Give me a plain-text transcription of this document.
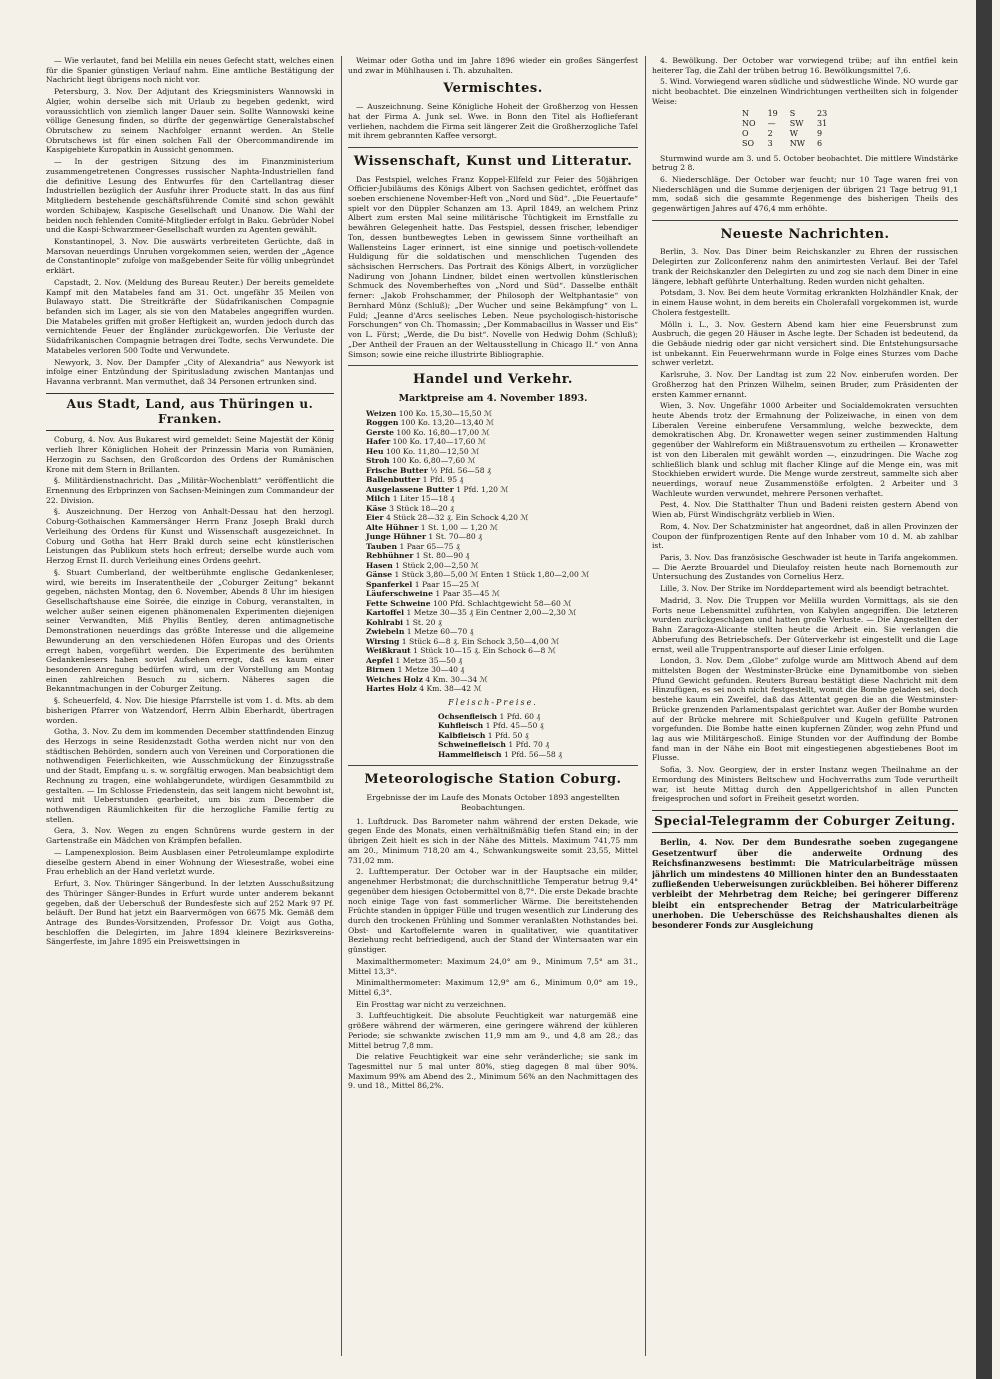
— Wie verlautet, fand bei Melilla ein neues Gefecht statt, welches einen für die Spanier günstigen Verlauf nahm. Eine amtliche Bestätigung der Nachricht liegt übrigens noch nicht vor.

Petersburg, 3. Nov. Der Adjutant des Kriegsministers Wannowski in Algier, wohin derselbe sich mit Urlaub zu begeben gedenkt, wird voraussichtlich von ziemlich langer Dauer sein. Sollte Wannowski keine völlige Genesung finden, so dürfte der gegenwärtige Generalstabschef Obrutschew zu seinem Nachfolger ernannt werden. An Stelle Obrutschews ist für einen solchen Fall der Obercommandirende im Kaspigebiete Kuropatkin in Aussicht genommen.

— In der gestrigen Sitzung des im Finanzministerium zusammengetretenen Congresses russischer Naphta-Industriellen fand die definitive Lesung des Entwurfes für den Cartellantrag dieser Industriellen bezüglich der Ausfuhr ihrer Producte statt. In das aus fünf Mitgliedern bestehende geschäftsführende Comité sind schon gewählt worden Schibajew, Kaspische Gesellschaft und Unanow. Die Wahl der beiden noch fehlenden Comité-Mitglieder erfolgt in Baku. Gebrüder Nobel und die Kaspi-Schwarzmeer-Gesellschaft wurden zu Agenten gewählt.

Konstantinopel, 3. Nov. Die auswärts verbreiteten Gerüchte, daß in Marsovan neuerdings Unruhen vorgekommen seien, werden der „Agence de Constantinople“ zufolge von maßgebender Seite für völlig unbegründet erklärt.

Capstadt, 2. Nov. (Meldung des Bureau Reuter.) Der bereits gemeldete Kampf mit den Matabeles fand am 31. Oct. ungefähr 35 Meilen von Bulawayo statt. Die Streitkräfte der Südafrikanischen Compagnie befanden sich im Lager, als sie von den Matabeles angegriffen wurden. Die Matabeles griffen mit großer Heftigkeit an, wurden jedoch durch das vernichtende Feuer der Engländer zurückgeworfen. Die Verluste der Südafrikanischen Compagnie betragen drei Todte, sechs Verwundete. Die Matabeles verloren 500 Todte und Verwundete.

Newyork, 3. Nov. Der Dampfer „City of Alexandria“ aus Newyork ist infolge einer Entzündung der Spiritusladung zwischen Mantanjas und Havanna verbrannt. Man vermuthet, daß 34 Personen ertrunken sind.

Aus Stadt, Land, aus Thüringen u. Franken.

Coburg, 4. Nov. Aus Bukarest wird gemeldet: Seine Majestät der König verlieh Ihrer Königlichen Hoheit der Prinzessin Maria von Rumänien, Herzogin zu Sachsen, den Großcordon des Ordens der Rumänischen Krone mit dem Stern in Brillanten.

§. Militärdienstnachricht. Das „Militär-Wochenblatt“ veröffentlicht die Ernennung des Erbprinzen von Sachsen-Meiningen zum Commandeur der 22. Division.

§. Auszeichnung. Der Herzog von Anhalt-Dessau hat den herzogl. Coburg-Gothaischen Kammersänger Herrn Franz Joseph Brakl durch Verleihung des Ordens für Kunst und Wissenschaft ausgezeichnet. In Coburg und Gotha hat Herr Brakl durch seine echt künstlerischen Leistungen das Publikum stets hoch erfreut; derselbe wurde auch vom Herzog Ernst II. durch Verleihung eines Ordens geehrt.

§. Stuart Cumberland, der weltberühmte englische Gedankenleser, wird, wie bereits im Inseratentheile der „Coburger Zeitung“ bekannt gegeben, nächsten Montag, den 6. November, Abends 8 Uhr im hiesigen Gesellschaftshause eine Soirée, die einzige in Coburg, veranstalten, in welcher außer seinen eigenen phänomenalen Experimenten diejenigen seiner Verwandten, Miß Phyllis Bentley, deren antimagnetische Demonstrationen neuerdings das größte Interesse und die allgemeine Bewunderung an den verschiedenen Höfen Europas und des Orients erregt haben, vorgeführt werden. Die Experimente des berühmten Gedankenlesers haben soviel Aufsehen erregt, daß es kaum einer besonderen Anregung bedürfen wird, um der Vorstellung am Montag einen zahlreichen Besuch zu sichern. Näheres sagen die Bekanntmachungen in der Coburger Zeitung.

§. Scheuerfeld, 4. Nov. Die hiesige Pfarrstelle ist vom 1. d. Mts. ab dem bisherigen Pfarrer von Watzendorf, Herrn Albin Eberhardt, übertragen worden.

Gotha, 3. Nov. Zu dem im kommenden December stattfindenden Einzug des Herzogs in seine Residenzstadt Gotha werden nicht nur von den städtischen Behörden, sondern auch von Vereinen und Corporationen die nothwendigen Feierlichkeiten, wie Ausschmückung der Einzugsstraße und der Stadt, Empfang u. s. w. sorgfältig erwogen. Man beabsichtigt dem Rechnung zu tragen, eine wohlabgerundete, würdigen Gesammtbild zu gestalten. — Im Schlosse Friedenstein, das seit langem nicht bewohnt ist, wird mit Ueberstunden gearbeitet, um bis zum December die nothwendigen Räumlichkeiten für die herzogliche Familie fertig zu stellen.

Gera, 3. Nov. Wegen zu engen Schnürens wurde gestern in der Gartenstraße ein Mädchen von Krämpfen befallen.

— Lampenexplosion. Beim Ausblasen einer Petroleumlampe explodirte dieselbe gestern Abend in einer Wohnung der Wiesestraße, wobei eine Frau erheblich an der Hand verletzt wurde.

Erfurt, 3. Nov. Thüringer Sängerbund. In der letzten Ausschußsitzung des Thüringer Sänger-Bundes in Erfurt wurde unter anderem bekannt gegeben, daß der Ueberschuß der Bundesfeste sich auf 252 Mark 97 Pf. beläuft. Der Bund hat jetzt ein Baarvermögen von 6675 Mk. Gemäß dem Antrage des Bundes-Vorsitzenden, Professor Dr. Voigt aus Gotha, beschloffen die Delegirten, im Jahre 1894 kleinere Bezirksvereins-Sängerfeste, im Jahre 1895 ein Preiswettsingen in

Weimar oder Gotha und im Jahre 1896 wieder ein großes Sängerfest und zwar in Mühlhausen i. Th. abzuhalten.

Vermischtes.

— Auszeichnung. Seine Königliche Hoheit der Großherzog von Hessen hat der Firma A. Junk sel. Wwe. in Bonn den Titel als Hoflieferant verliehen, nachdem die Firma seit längerer Zeit die Großherzogliche Tafel mit ihrem gebrannten Kaffee versorgt.

Wissenschaft, Kunst und Litteratur.

Das Festspiel, welches Franz Koppel-Ellfeld zur Feier des 50jährigen Officier-Jubiläums des Königs Albert von Sachsen gedichtet, eröffnet das soeben erschienene November-Heft von „Nord und Süd“. „Die Feuertaufe“ spielt vor den Düppler Schanzen am 13. April 1849, an welchem Prinz Albert zum ersten Mal seine militärische Tüchtigkeit im Ernstfalle zu bewähren Gelegenheit hatte. Das Festspiel, dessen frischer, lebendiger Ton, dessen buntbewegtes Leben in gewissem Sinne vortheilhaft an Wallensteins Lager erinnert, ist eine sinnige und poetisch-vollendete Huldigung für die soldatischen und menschlichen Tugenden des sächsischen Herrschers. Das Portrait des Königs Albert, in vorzüglicher Nadirung von Johann Lindner, bildet einen wertvollen künstlerischen Schmuck des Novemberheftes von „Nord und Süd“. Dasselbe enthält ferner: „Jakob Frohschammer, der Philosoph der Weltphantasie“ von Bernhard Münz (Schluß); „Der Wucher und seine Bekämpfung“ von L. Fuld; „Jeanne d'Arcs seelisches Leben. Neue psychologisch-historische Forschungen“ von Ch. Thomassin; „Der Kommabacillus in Wasser und Eis“ von L. Fürst; „Werde, die Du bist“. Novelle von Hedwig Dohm (Schluß); „Der Antheil der Frauen an der Weltausstellung in Chicago II.“ von Anna Simson; sowie eine reiche illustrirte Bibliographie.

Handel und Verkehr.
Marktpreise am 4. November 1893.
Weizen 100 Ko. 15,30—15,50 ℳ
Roggen 100 Ko. 13,20—13,40 ℳ
Gerste 100 Ko. 16,80—17,00 ℳ
Hafer 100 Ko. 17,40—17,60 ℳ
Heu 100 Ko. 11,80—12,50 ℳ
Stroh 100 Ko. 6,80—7,60 ℳ
Frische Butter ½ Pfd. 56—58 ₰
Ballenbutter 1 Pfd. 95 ₰
Ausgelassene Butter 1 Pfd. 1,20 ℳ
Milch 1 Liter 15—18 ₰
Käse 3 Stück 18—20 ₰
Eier 4 Stück 28—32 ₰. Ein Schock 4,20 ℳ
Alte Hühner 1 St. 1,00 — 1,20 ℳ
Junge Hühner 1 St. 70—80 ₰
Tauben 1 Paar 65—75 ₰
Rebhühner 1 St. 80—90 ₰
Hasen 1 Stück 2,00—2,50 ℳ
Gänse 1 Stück 3,80—5,00 ℳ Enten 1 Stück 1,80—2,00 ℳ
Spanferkel 1 Paar 15—25 ℳ
Läuferschweine 1 Paar 35—45 ℳ
Fette Schweine 100 Pfd. Schlachtgewicht 58—60 ℳ
Kartoffel 1 Metze 30—35 ₰ Ein Centner 2,00—2,30 ℳ
Kohlrabi 1 St. 20 ₰
Zwiebeln 1 Metze 60—70 ₰
Wirsing 1 Stück 6—8 ₰. Ein Schock 3,50—4,00 ℳ
Weißkraut 1 Stück 10—15 ₰. Ein Schock 6—8 ℳ
Aepfel 1 Metze 35—50 ₰
Birnen 1 Metze 30—40 ₰
Weiches Holz 4 Km. 30—34 ℳ
Hartes Holz 4 Km. 38—42 ℳ
Fleisch-Preise.
Ochsenfleisch 1 Pfd. 60 ₰
Kuhfleisch 1 Pfd. 45—50 ₰
Kalbfleisch 1 Pfd. 50 ₰
Schweinefleisch 1 Pfd. 70 ₰
Hammelfleisch 1 Pfd. 56—58 ₰
Meteorologische Station Coburg.
Ergebnisse der im Laufe des Monats October 1893 angestellten Beobachtungen.

1. Luftdruck. Das Barometer nahm während der ersten Dekade, wie gegen Ende des Monats, einen verhältnißmäßig tiefen Stand ein; in der übrigen Zeit hielt es sich in der Nähe des Mittels. Maximum 741,75 mm am 20., Minimum 718,20 am 4., Schwankungsweite somit 23,55, Mittel 731,02 mm.

2. Lufttemperatur. Der October war in der Hauptsache ein milder, angenehmer Herbstmonat; die durchschnittliche Temperatur betrug 9,4° gegenüber dem hiesigen Octobermittel von 8,7°. Die erste Dekade brachte noch einige Tage von fast sommerlicher Wärme. Die bereitstehenden Früchte standen in üppiger Fülle und trugen wesentlich zur Linderung des durch den trockenen Frühling und Sommer veranlaßten Nothstandes bei. Obst- und Kartoffelernte waren in qualitativer, wie quantitativer Beziehung recht befriedigend, auch der Stand der Wintersaaten war ein günstiger.

Maximalthermometer: Maximum 24,0° am 9., Minimum 7,5° am 31., Mittel 13,3°.

Minimalthermometer: Maximum 12,9° am 6., Minimum 0,0° am 19., Mittel 6,3°.

Ein Frosttag war nicht zu verzeichnen.

3. Luftfeuchtigkeit. Die absolute Feuchtigkeit war naturgemäß eine größere während der wärmeren, eine geringere während der kühleren Periode; sie schwankte zwischen 11,9 mm am 9., und 4,8 am 28.; das Mittel betrug 7,8 mm.

Die relative Feuchtigkeit war eine sehr veränderliche; sie sank im Tagesmittel nur 5 mal unter 80%, stieg dagegen 8 mal über 90%. Maximum 99% am Abend des 2., Minimum 56% an den Nachmittagen des 9. und 18., Mittel 86,2%.

4. Bewölkung. Der October war vorwiegend trübe; auf ihn entfiel kein heiterer Tag, die Zahl der trüben betrug 16. Bewölkungsmittel 7,6.

5. Wind. Vorwiegend waren südliche und südwestliche Winde. NO wurde gar nicht beobachtet. Die einzelnen Windrichtungen vertheilten sich in folgender Weise:

N	19	S	23
NO	—	SW	31
O	2	W	9
SO	3	NW	6

Sturmwind wurde am 3. und 5. October beobachtet. Die mittlere Windstärke betrug 2 8.

6. Niederschläge. Der October war feucht; nur 10 Tage waren frei von Niederschlägen und die Summe derjenigen der übrigen 21 Tage betrug 91,1 mm, sodaß sich die gesammte Regenmenge des bisherigen Theils des gegenwärtigen Jahres auf 476,4 mm erhöhte.

Neueste Nachrichten.

Berlin, 3. Nov. Das Diner beim Reichskanzler zu Ehren der russischen Delegirten zur Zollconferenz nahm den animirtesten Verlauf. Bei der Tafel trank der Reichskanzler den Delegirten zu und zog sie nach dem Diner in eine längere, lebhaft geführte Unterhaltung. Reden wurden nicht gehalten.

Potsdam, 3. Nov. Bei dem heute Vormitag erkrankten Holzhändler Knak, der in einem Hause wohnt, in dem bereits ein Cholerafall vorgekommen ist, wurde Cholera festgestellt.

Mölln i. L., 3. Nov. Gestern Abend kam hier eine Feuersbrunst zum Ausbruch, die gegen 20 Häuser in Asche legte. Der Schaden ist bedeutend, da die Gebäude niedrig oder gar nicht versichert sind. Die Entstehungsursache ist unbekannt. Ein Feuerwehrmann wurde in Folge eines Sturzes vom Dache schwer verletzt.

Karlsruhe, 3. Nov. Der Landtag ist zum 22 Nov. einberufen worden. Der Großherzog hat den Prinzen Wilhelm, seinen Bruder, zum Präsidenten der ersten Kammer ernannt.

Wien, 3. Nov. Ungefähr 1000 Arbeiter und Socialdemokraten versuchten heute Abends trotz der Ermahnung der Polizeiwache, in einen von dem Liberalen Vereine einberufene Versammlung, welche bezweckte, dem demokratischen Abg. Dr. Kronawetter wegen seiner zustimmenden Haltung gegenüber der Wahlreform ein Mißtrauensvotum zu ertheilen — Kronawetter ist von den Liberalen mit gewählt worden —, einzudringen. Die Wache zog schließlich blank und schlug mit flacher Klinge auf die Menge ein, was mit Stockhieben erwidert wurde. Die Menge wurde zerstreut, sammelte sich aber neuerdings, worauf neue Zusammenstöße erfolgten. 2 Arbeiter und 3 Wachleute wurden verwundet, mehrere Personen verhaftet.

Pest, 4. Nov. Die Statthalter Thun und Badeni reisten gestern Abend von Wien ab, Fürst Windischgrätz verblieb in Wien.

Rom, 4. Nov. Der Schatzminister hat angeordnet, daß in allen Provinzen der Coupon der fünfprozentigen Rente auf den Inhaber vom 10 d. M. ab zahlbar ist.

Paris, 3. Nov. Das französische Geschwader ist heute in Tarifa angekommen. — Die Aerzte Brouardel und Dieulafoy reisten heute nach Bornemouth zur Untersuchung des Zustandes von Cornelius Herz.

Lille, 3. Nov. Der Strike im Norddepartement wird als beendigt betrachtet.

Madrid, 3. Nov. Die Truppen vor Melilla wurden Vormittags, als sie den Forts neue Lebensmittel zuführten, von Kabylen angegriffen. Die letzteren wurden zurückgeschlagen und hatten große Verluste. — Die Angestellten der Bahn Zaragoza-Alicante stellten heute die Arbeit ein. Sie verlangen die Abberufung des Betriebschefs. Der Güterverkehr ist eingestellt und die Lage ernst, weil alle Truppentransporte auf dieser Linie erfolgen.

London, 3. Nov. Dem „Globe“ zufolge wurde am Mittwoch Abend auf dem mittelsten Bogen der Westminster-Brücke eine Dynamitbombe von sieben Pfund Gewicht gefunden. Reuters Bureau bestätigt diese Nachricht mit dem Hinzufügen, es sei noch nicht festgestellt, womit die Bombe geladen sei, doch bestehe kaum ein Zweifel, daß das Attentat gegen die an die Westminster-Brücke grenzenden Parlamentspalast gerichtet war. Außer der Bombe wurden auf der Brücke mehrere mit Schießpulver und Kugeln gefüllte Patronen vorgefunden. Die Bombe hatte einen kupfernen Zünder, wog zehn Pfund und lag aus wie Militärgeschoß. Einige Stunden vor der Auffindung der Bombe fand man in der Nähe ein Boot mit eingestiegenen abgestiebenes Boot im Flusse.

Sofia, 3. Nov. Georgiew, der in erster Instanz wegen Theilnahme an der Ermordung des Ministers Beltschew und Hochverraths zum Tode verurtheilt war, ist heute Mittag durch den Appellgerichtshof in allen Puncten freigesprochen und sofort in Freiheit gesetzt worden.

Special-Telegramm der Coburger Zeitung.

Berlin, 4. Nov. Der dem Bundesrathe soeben zugegangene Gesetzentwurf über die anderweite Ordnung des Reichsfinanzwesens bestimmt: Die Matricularbeiträge müssen jährlich um mindestens 40 Millionen hinter den an Bundesstaaten zufließenden Ueberweisungen zurückbleiben. Bei höherer Differenz verbleibt der Mehrbetrag dem Reiche; bei geringerer Differenz bleibt ein entsprechender Betrag der Matricularbeiträge unerhoben. Die Ueberschüsse des Reichshaushaltes dienen als besonderer Fonds zur Ausgleichung
